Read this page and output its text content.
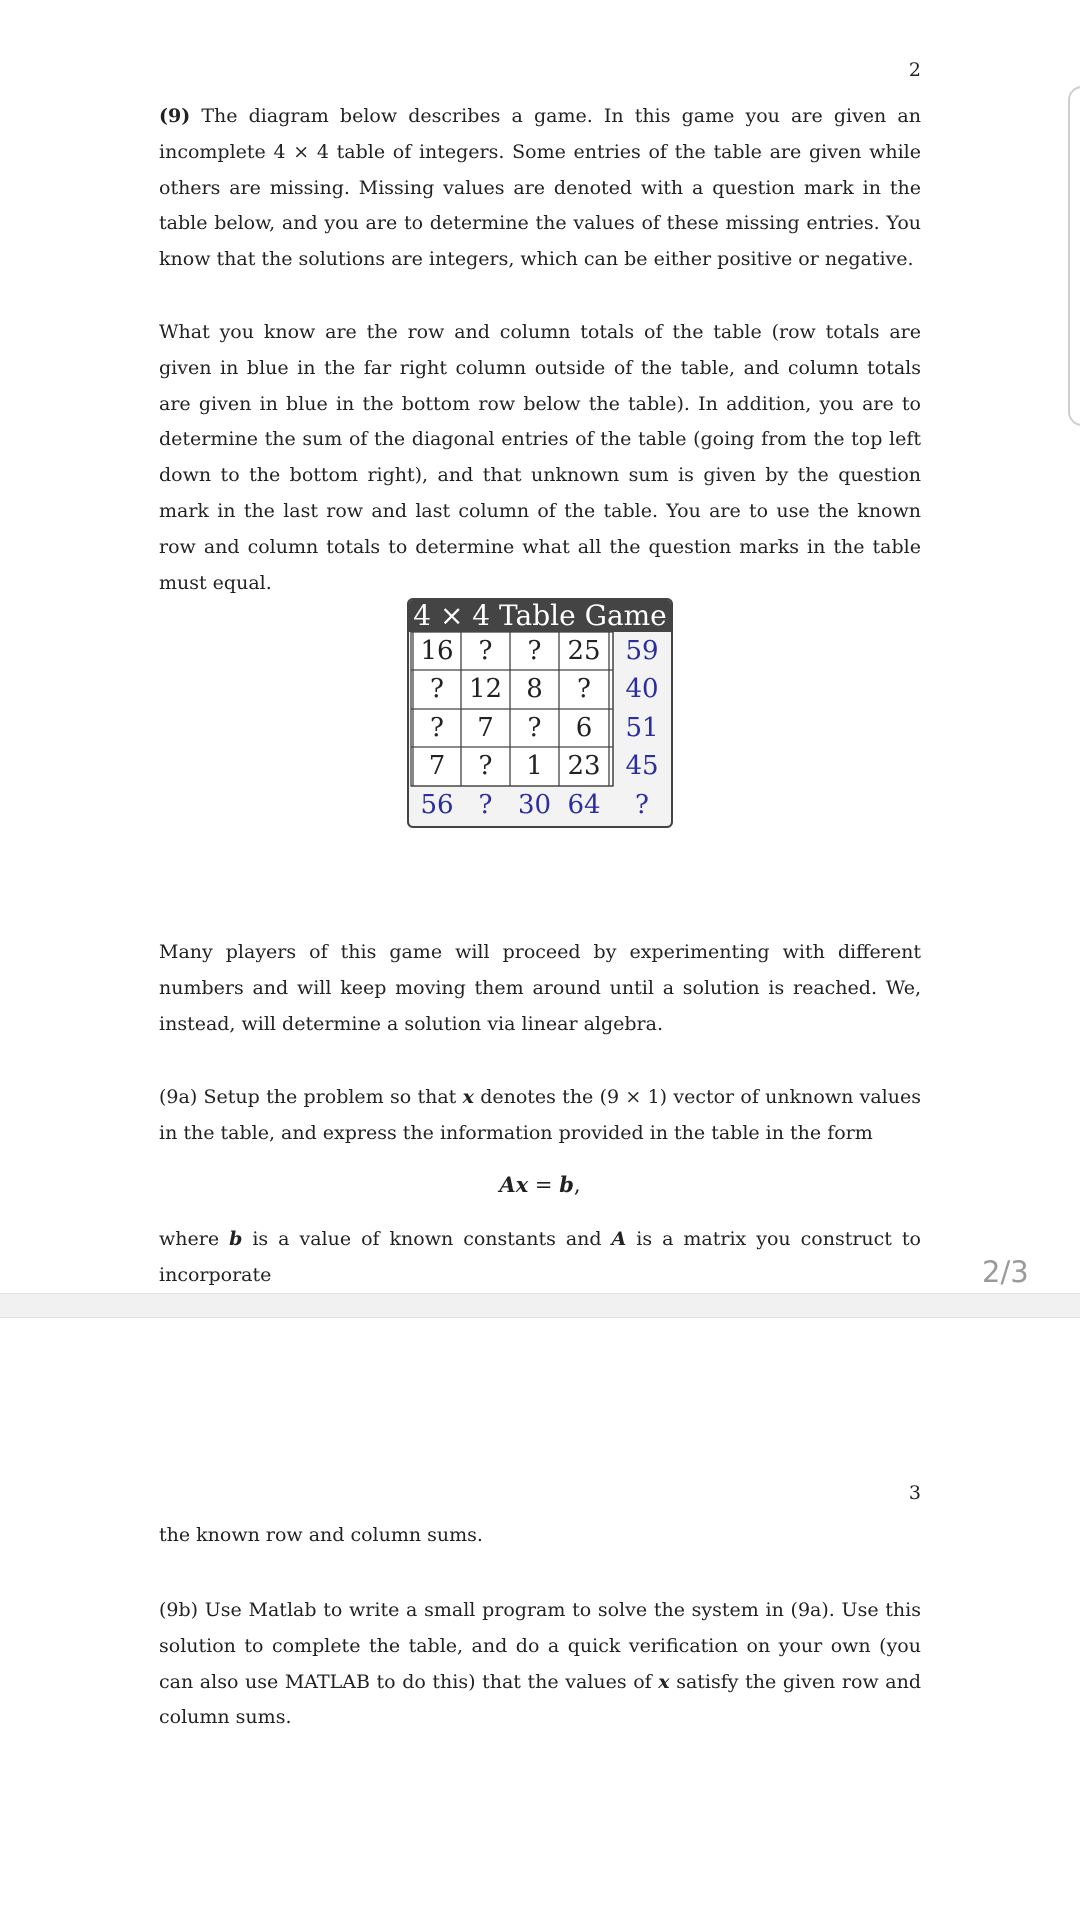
2

(9) The diagram below describes a game. In this game you are given an incomplete 4 × 4 table of integers. Some entries of the table are given while others are missing. Missing values are denoted with a question mark in the table below, and you are to determine the values of these missing entries. You know that the solutions are integers, which can be either positive or negative.

What you know are the row and column totals of the table (row totals are given in blue in the far right column outside of the table, and column totals are given in blue in the bottom row below the table). In addition, you are to determine the sum of the diagonal entries of the table (going from the top left down to the bottom right), and that unknown sum is given by the question mark in the last row and last column of the table. You are to use the known row and column totals to determine what all the question marks in the table must equal.

4 × 4 Table Game
16 ?	? 25 59
? 12 8	?	40
?	7	?	6	51
7	?	1 23 45
56 ? 30 64	?

Many players of this game will proceed by experimenting with different numbers and will keep moving them around until a solution is reached. We, instead, will determine a solution via linear algebra.

(9a) Setup the problem so that x denotes the (9 × 1) vector of unknown values in the table, and express the information provided in the table in the form

Ax = b,

where b is a value of known constants and A is a matrix you construct to incorporate	2/3
3

the known row and column sums.

(9b) Use Matlab to write a small program to solve the system in (9a). Use this solution to complete the table, and do a quick verification on your own (you can also use MATLAB to do this) that the values of x satisfy the given row and column sums.
